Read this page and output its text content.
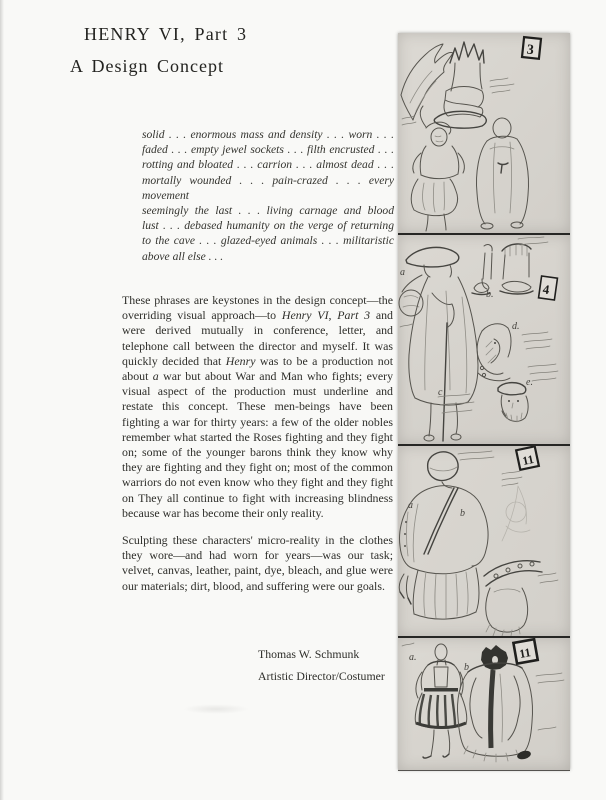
HENRY VI, Part 3
A Design Concept
solid . . . enormous mass and density . . . worn . . .
faded . . . empty jewel sockets . . . filth encrusted . . .
rotting and bloated . . . carrion . . . almost dead . . .
mortally wounded . . . pain-crazed . . . every movement
seemingly the last . . . living carnage and blood
lust . . . debased humanity on the verge of returning
to the cave . . . glazed-eyed animals . . . militaristic
above all else . . .

These phrases are keystones in the design concept—the overriding visual approach—to Henry VI, Part 3 and were derived mutually in conference, letter, and telephone call between the director and myself. It was quickly decided that Henry was to be a production not about a war but about War and Man who fights; every visual aspect of the production must underline and restate this concept. These men-beings have been fighting a war for thirty years: a few of the older nobles remember what started the Roses fighting and they fight on; some of the younger barons think they know why they are fighting and they fight on; most of the common warriors do not even know who they fight and they fight on They all continue to fight with increasing blindness because war has become their only reality.

Sculpting these characters' micro-reality in the clothes they wore—and had worn for years—was our task; velvet, canvas, leather, paint, dye, bleach, and glue were our materials; dirt, blood, and suffering were our goals.

Thomas W. Schmunk
Artistic Director/Costumer
3
4
a
b.
c
d.
e.
11
a
b
11
a.
b
